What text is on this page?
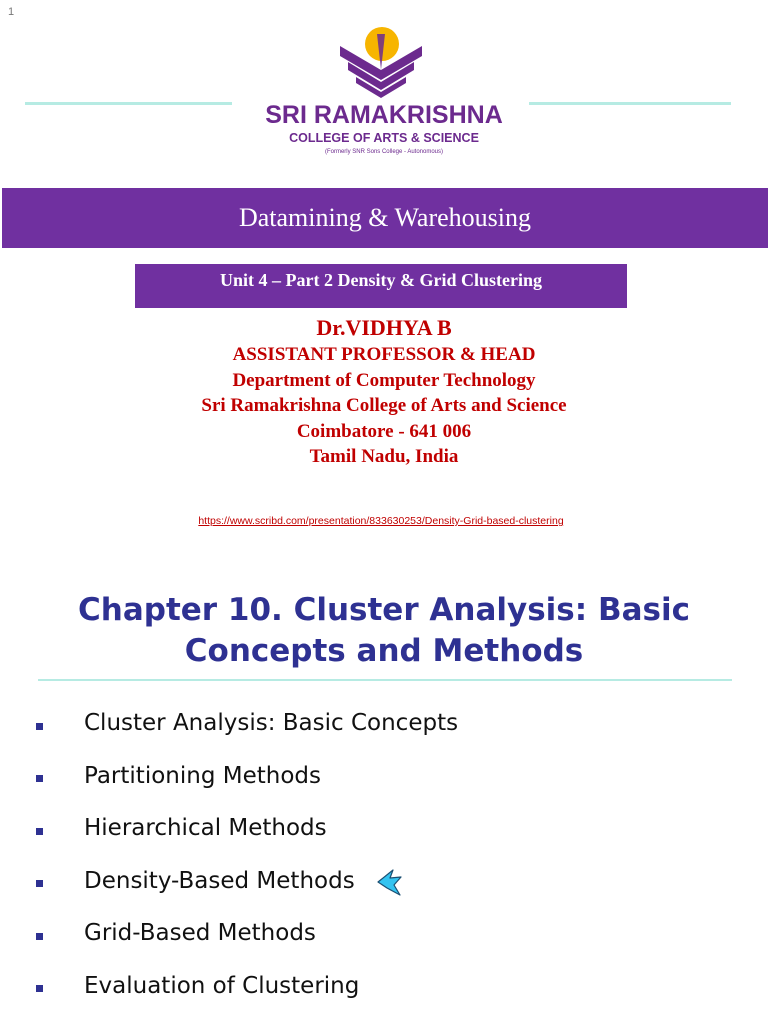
1
SRI RAMAKRISHNA
COLLEGE OF ARTS & SCIENCE
(Formerly SNR Sons College - Autonomous)
Datamining & Warehousing
Unit 4 – Part 2 Density & Grid Clustering
Dr.VIDHYA B
ASSISTANT PROFESSOR & HEAD
Department of Computer Technology
Sri Ramakrishna College of Arts and Science
Coimbatore - 641 006
Tamil Nadu, India
https://www.scribd.com/presentation/833630253/Density-Grid-based-clustering
Chapter 10. Cluster Analysis: Basic
Concepts and Methods
Cluster Analysis: Basic Concepts
Partitioning Methods
Hierarchical Methods
Density-Based Methods
Grid-Based Methods
Evaluation of Clustering
